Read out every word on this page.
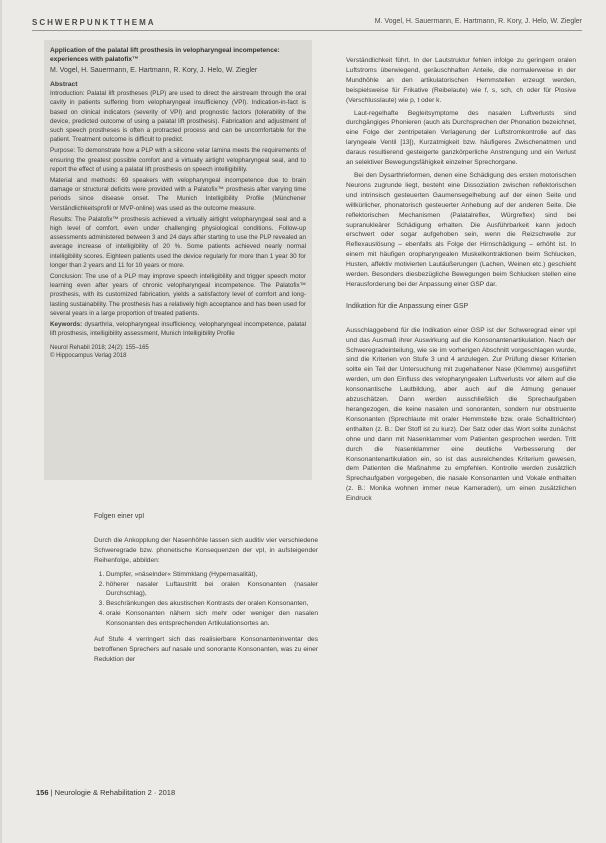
SCHWERPUNKTTHEMA	M. Vogel, H. Sauermann, E. Hartmann, R. Kory, J. Helo, W. Ziegler
Application of the palatal lift prosthesis in velopharyngeal incompetence: experiences with palatofix™
M. Vogel, H. Sauermann, E. Hartmann, R. Kory, J. Helo, W. Ziegler
Abstract

Introduction: Palatal lift prostheses (PLP) are used to direct the airstream through the oral cavity in patients suffering from velopharyngeal insufficiency (VPI). Indication-in-fact is based on clinical indicators (severity of VPI) and prognostic factors (tolerability of the device, predicted outcome of using a palatal lift prosthesis). Fabrication and adjustment of such speech prostheses is often a protracted process and can be uncomfortable for the patient. Treatment outcome is difficult to predict.

Purpose: To demonstrate how a PLP with a silicone velar lamina meets the requirements of ensuring the greatest possible comfort and a virtually airtight velopharyngeal seal, and to report the effect of using a palatal lift prosthesis on speech intelligibility.

Material and methods: 69 speakers with velopharyngeal incompetence due to brain damage or structural deficits were provided with a Palatofix™ prosthesis after varying time periods since disease onset. The Munich Intelligibility Profile (Münchener Verständlichkeitsprofil or MVP-online) was used as the outcome measure.

Results: The Palatofix™ prosthesis achieved a virtually airtight velopharyngeal seal and a high level of comfort, even under challenging physiological conditions. Follow-up assessments administered between 3 and 24 days after starting to use the PLP revealed an average increase of intelligibility of 20 %. Some patients achieved nearly normal intelligibility scores. Eighteen patients used the device regularly for more than 1 year 30 for longer than 2 years and 11 for 10 years or more.

Conclusion: The use of a PLP may improve speech intelligibility and trigger speech motor learning even after years of chronic velopharyngeal incompetence. The Palatofix™ prosthesis, with its customized fabrication, yields a satisfactory level of comfort and long-lasting sustainability. The prosthesis has a relatively high acceptance and has been used for several years in a large proportion of treated patients.

Keywords: dysarthria, velopharyngeal insufficiency, velopharyngeal incompetence, palatal lift prosthesis, intelligibility assessment, Munich Intelligibility Profile

Neurol Rehabil 2018; 24(2): 155–165
© Hippocampus Verlag 2018
Folgen einer vpI

Durch die Ankopplung der Nasenhöhle lassen sich auditiv vier verschiedene Schweregrade bzw. phonetische Konsequenzen der vpI, in aufsteigender Reihenfolge, abbilden:

1. Dumpfer, »näselnder« Stimmklang (Hypernasalität),
2. höherer nasaler Luftaustritt bei oralen Konsonanten (nasaler Durchschlag),
3. Beschränkungen des akustischen Kontrasts der oralen Konsonanten,
4. orale Konsonanten nähern sich mehr oder weniger den nasalen Konsonanten des entsprechenden Artikulationsortes an.

Auf Stufe 4 verringert sich das realisierbare Konsonanteninventar des betroffenen Sprechers auf nasale und sonorante Konsonanten, was zu einer Reduktion der

Verständlichkeit führt. In der Lautstruktur fehlen infolge zu geringem oralen Luftstroms überwiegend, geräuschhaften Anteile, die normalerweise in der Mundhöhle an den artikulatorischen Hemmstellen erzeugt werden, beispielsweise für Frikative (Reibelaute) wie f, s, sch, ch oder für Plosive (Verschlusslaute) wie p, t oder k.

Laut-regelhafte Begleitsymptome des nasalen Luftverlusts sind durchgängiges Phonieren (auch als Durchsprechen der Phonation bezeichnet, eine Folge der zentripetalen Verlagerung der Luftstromkontrolle auf das laryngeale Ventil [13]), Kurzatmigkeit bzw. häufigeres Zwischenatmen und daraus resultierend gesteigerte ganzkörperliche Anstrengung und ein Verlust an selektiver Bewegungsfähigkeit einzelner Sprechorgane.

Bei den Dysarthrieformen, denen eine Schädigung des ersten motorischen Neurons zugrunde liegt, besteht eine Dissoziation zwischen reflektorischen und intrinsisch gesteuerten Gaumensegelhebung auf der einen Seite und willkürlicher, phonatorisch gesteuerter Anhebung auf der anderen Seite. Die reflektorischen Mechanismen (Palatalreflex, Würgreflex) sind bei supranukleärer Schädigung erhalten. Die Ausführbarkeit kann jedoch erschwert oder sogar aufgehoben sein, wenn die Reizschwelle zur Reflexauslösung – ebenfalls als Folge der Hirnschädigung – erhöht ist. In einem mit häufigen oropharyngealen Muskelkontraktionen beim Schlucken, Husten, affektiv motivierten Lautäußerungen (Lachen, Weinen etc.) geschieht werden. Besonders diesbezügliche Bewegungen beim Schlucken stellen eine Herausforderung bei der Anpassung einer GSP dar.

Indikation für die Anpassung einer GSP

Ausschlaggebend für die Indikation einer GSP ist der Schweregrad einer vpI und das Ausmaß ihrer Auswirkung auf die Konsonantenartikulation. Nach der Schweregradeinteilung, wie sie im vorherigen Abschnitt vorgeschlagen wurde, sind die Kriterien von Stufe 3 und 4 anzulegen. Zur Prüfung dieser Kriterien sollte ein Teil der Untersuchung mit zugehaltener Nase (Klemme) ausgeführt werden, um den Einfluss des velopharyngealen Luftverlusts vor allem auf die konsonantische Lautbildung, aber auch auf die Atmung genauer abzuschätzen. Dann werden ausschließlich die Sprechaufgaben herangezogen, die keine nasalen und sonoranten, sondern nur obstruente Konsonanten (Sprechlaute mit oraler Hemmstelle bzw. orale Schalltrichter) enthalten (z. B.: Der Stoff ist zu kurz). Der Satz oder das Wort sollte zunächst ohne und dann mit Nasenklammer vom Patienten gesprochen werden. Tritt durch die Nasenklammer eine deutliche Verbesserung der Konsonantenartikulation ein, so ist das ausreichendes Kriterium gewesen, dem Patienten die Maßnahme zu empfehlen. Kontrolle werden zusätzlich Sprechaufgaben vorgegeben, die nasale Konsonanten und Vokale enthalten (z. B.: Monika wohnen immer neue Kameraden), um einen zusätzlichen Eindruck

156 | Neurologie & Rehabilitation 2 · 2018
